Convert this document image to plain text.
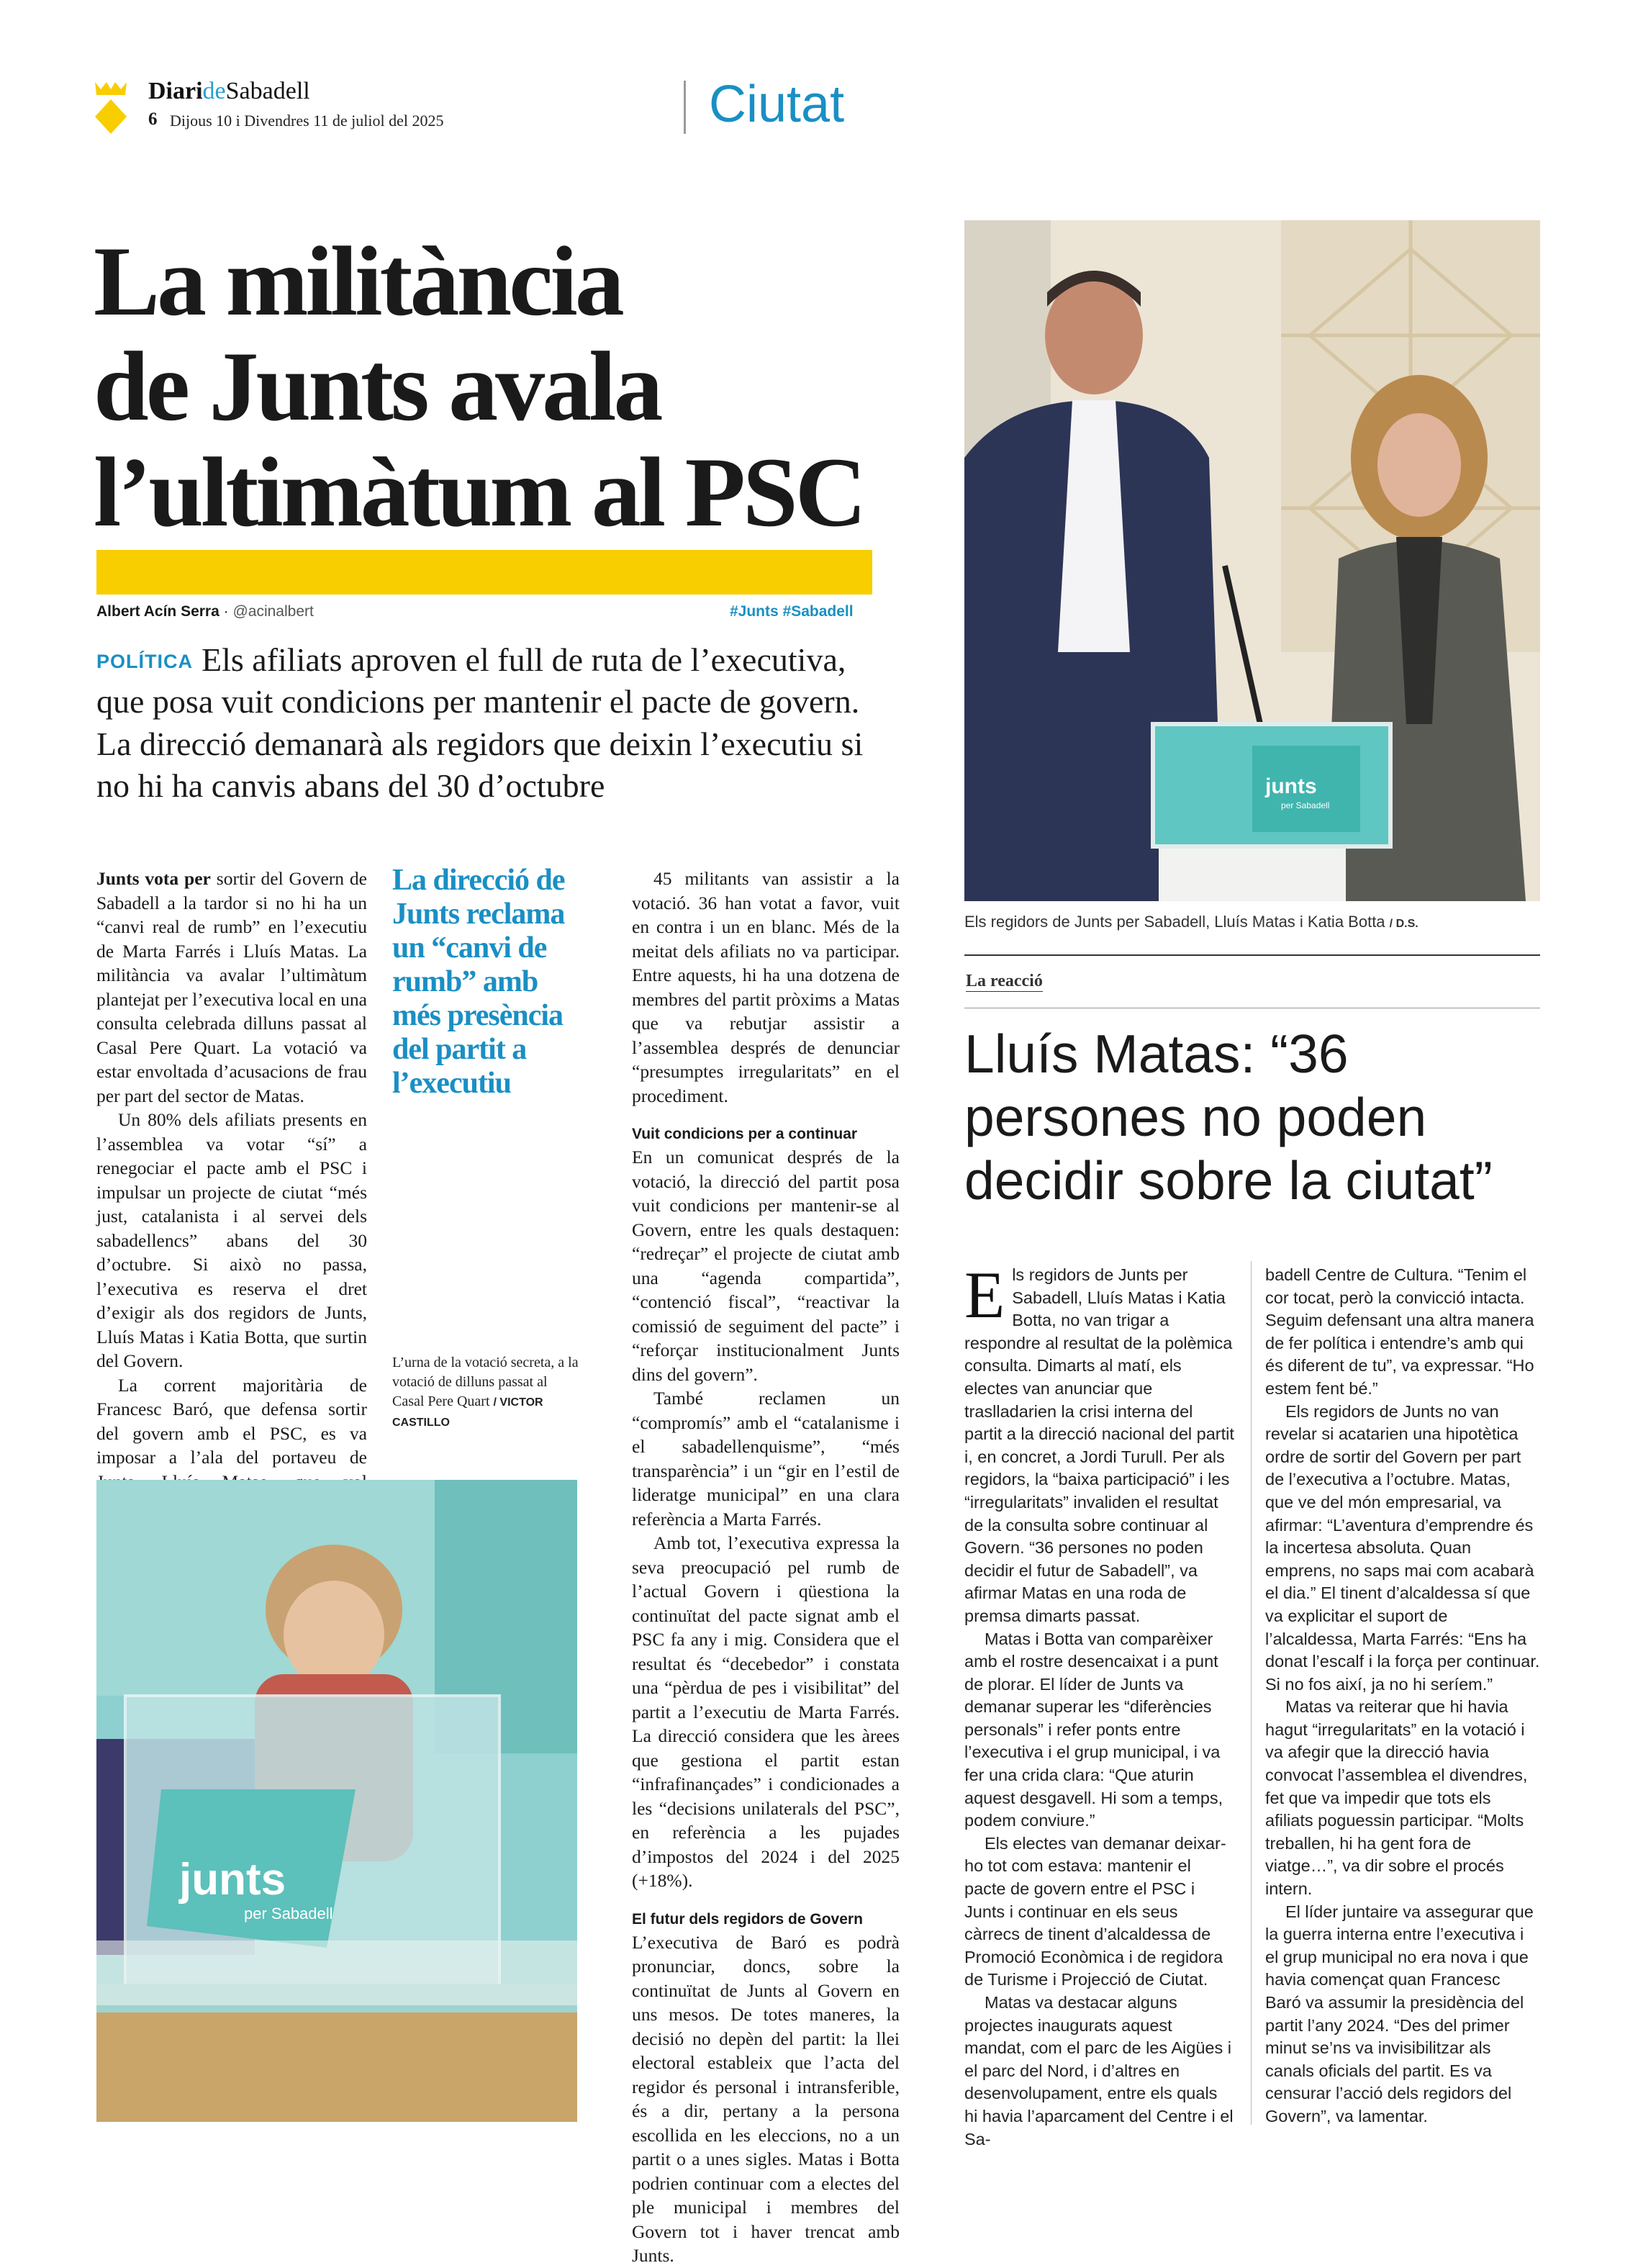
DiarideSabadell
6 Dijous 10 i Divendres 11 de juliol del 2025	Ciutat
La militància
de Junts avala
l’ultimàtum al PSC
Albert Acín Serra · @acinalbert	#Junts #Sabadell
POLÍTICA Els afiliats aproven el full de ruta de l’executiva, que posa vuit condicions per mantenir el pacte de govern. La direcció demanarà als regidors que deixin l’executiu si no hi ha canvis abans del 30 d’octubre

Junts vota per sortir del Govern de Sabadell a la tardor si no hi ha un “canvi real de rumb” en l’executiu de Marta Farrés i Lluís Matas. La militància va avalar l’ultimàtum plantejat per l’executiva local en una consulta celebrada dilluns passat al Casal Pere Quart. La votació va estar envoltada d’acusacions de frau per part del sector de Matas.

Un 80% dels afiliats presents en l’assemblea va votar “sí” a renegociar el pacte amb el PSC i impulsar un projecte de ciutat “més just, catalanista i al servei dels sabadellencs” abans del 30 d’octubre. Si això no passa, l’executiva es reserva el dret d’exigir als dos regidors de Junts, Lluís Matas i Katia Botta, que surtin del Govern.

La corrent majoritària de Francesc Baró, que defensa sortir del govern amb el PSC, es va imposar a l’ala del portaveu de

La direcció de Junts reclama un “canvi de rumb” amb més presència del partit a l’executiu
L’urna de la votació secreta, a la votació de dilluns passat al Casal Pere Quart / VICTOR CASTILLO
junts
per Sabadell

45 militants van assistir a la votació. 36 han votat a favor, vuit en contra i un en blanc. Més de la meitat dels afiliats no va participar. Entre aquests, hi ha una dotzena de membres del partit pròxims a Matas que va rebutjar assistir a l’assemblea després de denunciar “presumptes irregularitats” en el procediment.

Vuit condicions per a continuar

En un comunicat després de la votació, la direcció del partit posa vuit condicions per mantenir-se al Govern, entre les quals destaquen: “redreçar” el projecte de ciutat amb una “agenda compartida”, “contenció fiscal”, “reactivar la comissió de seguiment del pacte” i “reforçar institucionalment Junts dins del govern”.

També reclamen un “compromís” amb el “catalanisme i el sabadellenquisme”, “més transparència” i un “gir en l’estil de lideratge municipal” en una clara referència a Marta Farrés.

Amb tot, l’executiva expressa la seva preocupació pel rumb de l’actual Govern i qüestiona la continuïtat del pacte signat amb el PSC fa any i mig. Considera que el resultat és “decebedor” i constata una “pèrdua de pes i visibilitat” del partit a l’executiu de Marta Farrés. La direcció considera que les àrees que gestiona el partit estan “infrafinançades” i condicionades a les “decisions unilaterals del PSC”, en referència a les pujades d’impostos del 2024 i del 2025 (+18%).

El futur dels regidors de Govern

L’executiva de Baró es podrà pronunciar, doncs, sobre la continuïtat de Junts al Govern en uns mesos. De totes maneres, la decisió no depèn del partit: la llei electoral estableix que l’acta del regidor és personal i intransferible, és a dir, pertany a la persona escollida en les eleccions, no a un partit o a unes sigles. Matas i Botta podrien continuar com a electes del ple municipal i membres del Govern tot i haver trencat amb Junts.

junts
per Sabadell
Els regidors de Junts per Sabadell, Lluís Matas i Katia Botta / D.S.
La reacció
Lluís Matas: “36 persones no poden decidir sobre la ciutat”

Els regidors de Junts per Sabadell, Lluís Matas i Katia Botta, no van trigar a respondre al resultat de la polèmica consulta. Dimarts al matí, els electes van anunciar que traslladarien la crisi interna del partit a la direcció nacional del partit i, en concret, a Jordi Turull. Per als regidors, la “baixa participació” i les “irregularitats” invaliden el resultat de la consulta sobre continuar al Govern. “36 persones no poden decidir el futur de Sabadell”, va afirmar Matas en una roda de premsa dimarts passat.

Matas i Botta van comparèixer amb el rostre desencaixat i a punt de plorar. El líder de Junts va demanar superar les “diferències personals” i refer ponts entre l’executiva i el grup municipal, i va fer una crida clara: “Que aturin aquest desgavell. Hi som a temps, podem conviure.”

Els electes van demanar deixar-ho tot com estava: mantenir el pacte de govern entre el PSC i Junts i continuar en els seus càrrecs de tinent d’alcaldessa de Promoció Econòmica i de regidora de Turisme i Projecció de Ciutat.

Matas va destacar alguns projectes inaugurats aquest mandat, com el parc de les Aigües i el parc del Nord, i d’altres en desenvolupament, entre els quals hi havia l’aparcament del Centre i el Sa-

badell Centre de Cultura. “Tenim el cor tocat, però la convicció intacta. Seguim defensant una altra manera de fer política i entendre’s amb qui és diferent de tu”, va expressar. “Ho estem fent bé.”

Els regidors de Junts no van revelar si acatarien una hipotètica ordre de sortir del Govern per part de l’executiva a l’octubre. Matas, que ve del món empresarial, va afirmar: “L’aventura d’emprendre és la incertesa absoluta. Quan emprens, no saps mai com acabarà el dia.” El tinent d’alcaldessa sí que va explicitar el suport de l’alcaldessa, Marta Farrés: “Ens ha donat l’escalf i la força per continuar. Si no fos així, ja no hi seríem.”

Matas va reiterar que hi havia hagut “irregularitats” en la votació i va afegir que la direcció havia convocat l’assemblea el divendres, fet que va impedir que tots els afiliats poguessin participar. “Molts treballen, hi ha gent fora de viatge…”, va dir sobre el procés intern.

El líder juntaire va assegurar que la guerra interna entre l’executiva i el grup municipal no era nova i que havia començat quan Francesc Baró va assumir la presidència del partit l’any 2024. “Des del primer minut se’ns va invisibilitzar als canals oficials del partit. Es va censurar l’acció dels regidors del Govern”, va lamentar.
